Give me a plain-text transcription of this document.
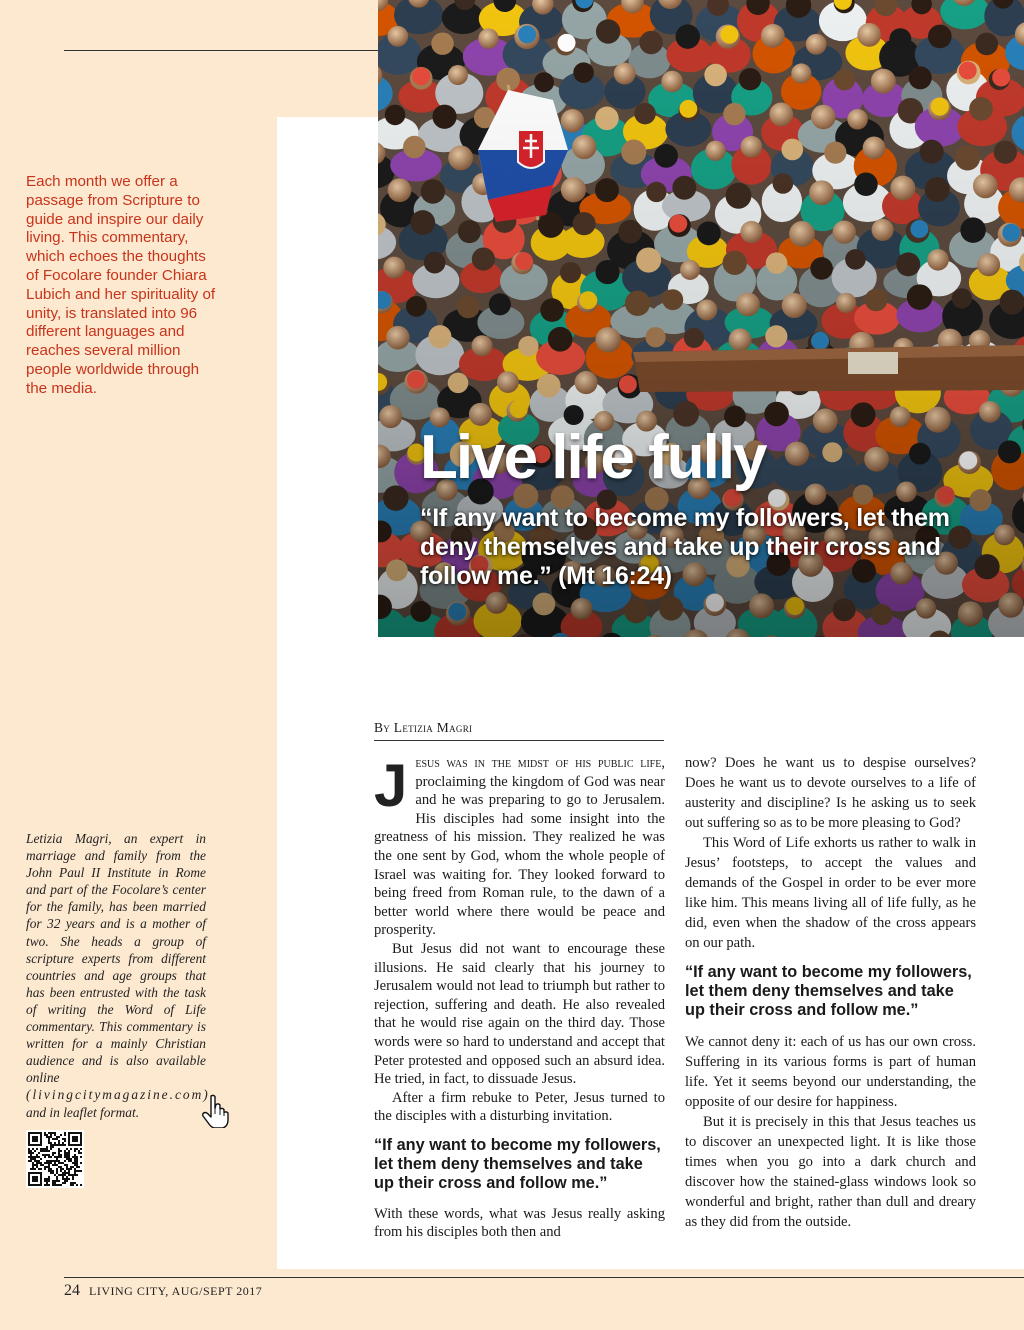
Live life fully

“If any want to become my followers, let them deny themselves and take up their cross and follow me.” (Mt 16:24)

Each month we offer a passage from Scripture to guide and inspire our daily living. This commentary, which echoes the thoughts of Focolare founder Chiara Lubich and her spirituality of unity, is translated into 96 different languages and reaches several million people worldwide through the media.

Letizia Magri, an expert in marriage and family from the John Paul II Institute in Rome and part of the Focolare’s center for the family, has been married for 32 years and is a mother of two. She heads a group of scripture experts from different countries and age groups that has been entrusted with the task of writing the Word of Life commentary. This commentary is written for a mainly Christian audience and is also available online (livingcitymagazine.com) and in leaflet format.

By Letizia Magri

J esus was in the midst of his public life, proclaiming the kingdom of God was near and he was preparing to go to Jerusalem. His disciples had some insight into the greatness of his mission. They realized he was the one sent by God, whom the whole people of Israel was waiting for. They looked forward to being freed from Roman rule, to the dawn of a better world where there would be peace and prosperity.

But Jesus did not want to encourage these illusions. He said clearly that his journey to Jerusalem would not lead to triumph but rather to rejection, suffering and death. He also revealed that he would rise again on the third day. Those words were so hard to understand and accept that Peter protested and opposed such an absurd idea. He tried, in fact, to dissuade Jesus.

After a firm rebuke to Peter, Jesus turned to the disciples with a disturbing invitation.

“If any want to become my followers, let them deny themselves and take up their cross and follow me.”

With these words, what was Jesus really asking from his disciples both then and

now? Does he want us to despise ourselves? Does he want us to devote ourselves to a life of austerity and discipline? Is he asking us to seek out suffering so as to be more pleasing to God?

This Word of Life exhorts us rather to walk in Jesus’ footsteps, to accept the values and demands of the Gospel in order to be ever more like him. This means living all of life fully, as he did, even when the shadow of the cross appears on our path.

“If any want to become my followers, let them deny themselves and take up their cross and follow me.”

We cannot deny it: each of us has our own cross. Suffering in its various forms is part of human life. Yet it seems beyond our understanding, the opposite of our desire for happiness.

But it is precisely in this that Jesus teaches us to discover an unexpected light. It is like those times when you go into a dark church and discover how the stained-glass windows look so wonderful and bright, rather than dull and dreary as they did from the outside.

24 LIVING CITY, AUG/SEPT 2017
